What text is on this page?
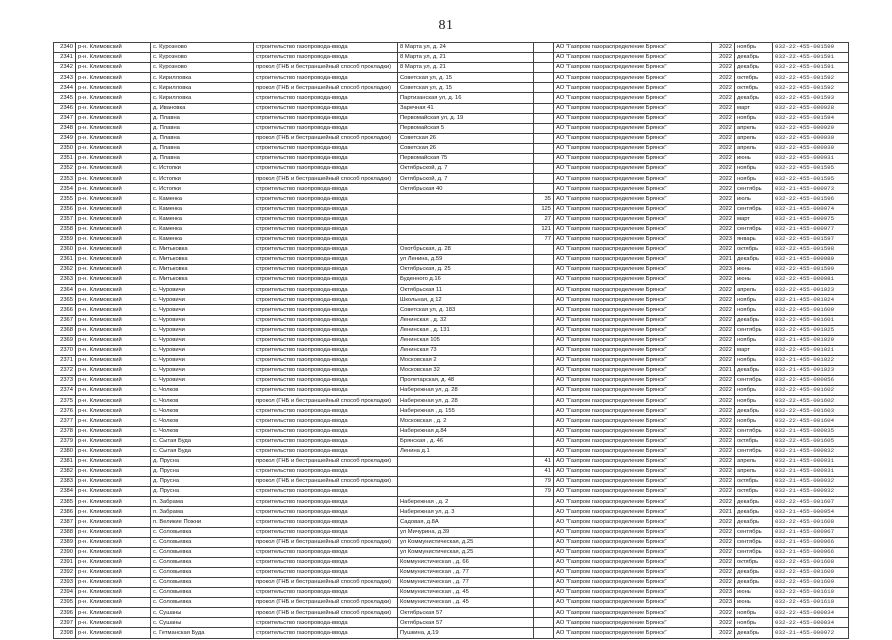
81
2340	р-н. Климовский	с. Курозново	строительство газопровода-ввода	8 Марта ул, д. 24		АО "Газпром газораспределение Брянск"	2022	ноябрь	032-22-455-001590
2341	р-н. Климовский	с. Курозново	строительство газопровода-ввода	8 Марта ул, д. 21		АО "Газпром газораспределение Брянск"	2022	декабрь	032-22-455-001591
2342	р-н. Климовский	с. Курозново	прокол (ГНБ и бестраншейный способ прокладки)	8 Марта ул, д. 21		АО "Газпром газораспределение Брянск"	2022	декабрь	032-22-455-001591
2343	р-н. Климовский	с. Кирилловка	строительство газопровода-ввода	Советская ул, д. 15		АО "Газпром газораспределение Брянск"	2022	октябрь	032-22-455-001592
2344	р-н. Климовский	с. Кирилловка	прокол (ГНБ и бестраншейный способ прокладки)	Советская ул, д. 15		АО "Газпром газораспределение Брянск"	2022	октябрь	032-22-455-001592
2345	р-н. Климовский	с. Кирилловка	строительство газопровода-ввода	Партизанская ул, д. 16		АО "Газпром газораспределение Брянск"	2022	декабрь	032-22-455-001593
2346	р-н. Климовский	д. Ивановка	строительство газопровода-ввода	Заречная 41		АО "Газпром газораспределение Брянск"	2022	март	032-22-455-000928
2347	р-н. Климовский	д. Плавна	строительство газопровода-ввода	Первомайская ул, д. 19		АО "Газпром газораспределение Брянск"	2022	ноябрь	032-22-455-001594
2348	р-н. Климовский	д. Плавна	строительство газопровода-ввода	Первомайская 5		АО "Газпром газораспределение Брянск"	2022	апрель	032-22-455-000929
2349	р-н. Климовский	д. Плавна	прокол (ГНБ и бестраншейный способ прокладки)	Советская 26		АО "Газпром газораспределение Брянск"	2022	апрель	032-22-455-000930
2350	р-н. Климовский	д. Плавна	строительство газопровода-ввода	Советская 26		АО "Газпром газораспределение Брянск"	2022	апрель	032-22-455-000930
2351	р-н. Климовский	д. Плавна	строительство газопровода-ввода	Первомайская 75		АО "Газпром газораспределение Брянск"	2022	июнь	032-22-455-000931
2352	р-н. Климовский	с. Истопки	строительство газопровода-ввода	Октябрьской, д. 7		АО "Газпром газораспределение Брянск"	2022	ноябрь	032-22-455-001595
2353	р-н. Климовский	с. Истопки	прокол (ГНБ и бестраншейный способ прокладки)	Октябрьской, д. 7		АО "Газпром газораспределение Брянск"	2022	ноябрь	032-22-455-001595
2354	р-н. Климовский	с. Истопки	строительство газопровода-ввода	Октябрьская 40		АО "Газпром газораспределение Брянск"	2022	сентябрь	032-21-455-000973
2355	р-н. Климовский	с. Каменка	строительство газопровода-ввода		35	АО "Газпром газораспределение Брянск"	2022	июль	032-22-455-001596
2356	р-н. Климовский	с. Каменка	строительство газопровода-ввода		125	АО "Газпром газораспределение Брянск"	2022	сентябрь	032-21-455-000974
2357	р-н. Климовский	с. Каменка	строительство газопровода-ввода		27	АО "Газпром газораспределение Брянск"	2022	март	032-21-455-000975
2358	р-н. Климовский	с. Каменка	строительство газопровода-ввода		121	АО "Газпром газораспределение Брянск"	2022	сентябрь	032-21-455-000977
2359	р-н. Климовский	с. Каменка	строительство газопровода-ввода		77	АО "Газпром газораспределение Брянск"	2023	январь	032-22-455-001597
2360	р-н. Климовский	с. Митьковка	строительство газопровода-ввода	Охотбрьская, д. 28		АО "Газпром газораспределение Брянск"	2022	октябрь	032-22-455-001598
2361	р-н. Климовский	с. Митьковка	строительство газопровода-ввода	ул Ленина, д.59		АО "Газпром газораспределение Брянск"	2021	декабрь	032-21-455-000980
2362	р-н. Климовский	с. Митьковка	строительство газопровода-ввода	Октябрьская, д. 25		АО "Газпром газораспределение Брянск"	2023	июнь	032-22-455-001599
2363	р-н. Климовский	с. Митьковка	строительство газопровода-ввода	Буденного д.16		АО "Газпром газораспределение Брянск"	2022	июнь	032-22-455-000981
2364	р-н. Климовский	с. Чуровичи	строительство газопровода-ввода	Октябрьская 11		АО "Газпром газораспределение Брянск"	2022	апрель	032-22-455-001023
2365	р-н. Климовский	с. Чуровичи	строительство газопровода-ввода	Школьная, д 12		АО "Газпром газораспределение Брянск"	2022	ноябрь	032-21-455-001024
2366	р-н. Климовский	с. Чуровичи	строительство газопровода-ввода	Советская ул, д. 183		АО "Газпром газораспределение Брянск"	2022	ноябрь	032-22-455-001600
2367	р-н. Климовский	с. Чуровичи	строительство газопровода-ввода	Ленинская , д. 32		АО "Газпром газораспределение Брянск"	2022	декабрь	032-22-455-001601
2368	р-н. Климовский	с. Чуровичи	строительство газопровода-ввода	Ленинская , д. 131		АО "Газпром газораспределение Брянск"	2022	сентябрь	032-22-455-001025
2369	р-н. Климовский	с. Чуровичи	строительство газопровода-ввода	Ленинская 105		АО "Газпром газораспределение Брянск"	2022	ноябрь	032-21-455-001020
2370	р-н. Климовский	с. Чуровичи	строительство газопровода-ввода	Ленинская 73		АО "Газпром газораспределение Брянск"	2022	март	032-22-455-001021
2371	р-н. Климовский	с. Чуровичи	строительство газопровода-ввода	Московская 2		АО "Газпром газораспределение Брянск"	2022	ноябрь	032-21-455-001022
2372	р-н. Климовский	с. Чуровичи	строительство газопровода-ввода	Московская 32		АО "Газпром газораспределение Брянск"	2021	декабрь	032-21-455-001023
2373	р-н. Климовский	с. Чуровичи	строительство газопровода-ввода	Пролетарская, д. 48		АО "Газпром газораспределение Брянск"	2022	сентябрь	032-22-455-000056
2374	р-н. Климовский	с. Чолков	строительство газопровода-ввода	Набережная ул, д. 28		АО "Газпром газораспределение Брянск"	2022	ноябрь	032-22-455-001602
2375	р-н. Климовский	с. Чолков	прокол (ГНБ и бестраншейный способ прокладки)	Набережная ул, д. 28		АО "Газпром газораспределение Брянск"	2022	ноябрь	032-22-455-001602
2376	р-н. Климовский	с. Чолков	строительство газопровода-ввода	Набережная , д. 155		АО "Газпром газораспределение Брянск"	2022	декабрь	032-22-455-001603
2377	р-н. Климовский	с. Чолков	строительство газопровода-ввода	Московская , д. 2		АО "Газпром газораспределение Брянск"	2022	ноябрь	032-22-455-001604
2378	р-н. Климовский	с. Чолков	строительство газопровода-ввода	Набережная д.84		АО "Газпром газораспределение Брянск"	2022	сентябрь	032-21-455-000035
2379	р-н. Климовский	с. Сытая Буда	строительство газопровода-ввода	Брянская , д. 46		АО "Газпром газораспределение Брянск"	2022	октябрь	032-22-455-001605
2380	р-н. Климовский	с. Сытая Буда	строительство газопровода-ввода	Ленина д.1		АО "Газпром газораспределение Брянск"	2022	сентябрь	032-21-455-000032
2381	р-н. Климовский	д. Прусна	прокол (ГНБ и бестраншейный способ прокладки)		41	АО "Газпром газораспределение Брянск"	2022	апрель	032-21-455-000931
2382	р-н. Климовский	д. Прусна	строительство газопровода-ввода		41	АО "Газпром газораспределение Брянск"	2022	апрель	032-21-455-000931
2383	р-н. Климовский	д. Прусна	прокол (ГНБ и бестраншейный способ прокладки)		79	АО "Газпром газораспределение Брянск"	2022	октябрь	032-21-455-000932
2384	р-н. Климовский	д. Прусна	строительство газопровода-ввода		79	АО "Газпром газораспределение Брянск"	2022	октябрь	032-21-455-000932
2385	р-н. Климовский	п. Забрама	строительство газопровода-ввода	Набережная , д. 2		АО "Газпром газораспределение Брянск"	2022	декабрь	032-22-455-001607
2386	р-н. Климовский	п. Забрама	строительство газопровода-ввода	Набережная ул, д. 3		АО "Газпром газораспределение Брянск"	2021	декабрь	032-21-455-000954
2387	р-н. Климовский	п. Великие Пожни	строительство газопровода-ввода	Садовая, д.8А		АО "Газпром газораспределение Брянск"	2022	декабрь	032-22-455-001608
2388	р-н. Климовский	с. Соловьевка	строительство газопровода-ввода	ул Мичурина, д.39		АО "Газпром газораспределение Брянск"	2022	сентябрь	032-21-455-000967
2389	р-н. Климовский	с. Соловьевка	прокол (ГНБ и бестраншейный способ прокладки)	ул Коммунистическая, д.25		АО "Газпром газораспределение Брянск"	2022	сентябрь	032-21-455-000966
2390	р-н. Климовский	с. Соловьевка	строительство газопровода-ввода	ул Коммунистическая, д.25		АО "Газпром газораспределение Брянск"	2022	сентябрь	032-21-455-000966
2391	р-н. Климовский	с. Соловьевка	строительство газопровода-ввода	Коммунистическая , д. 66		АО "Газпром газораспределение Брянск"	2022	октябрь	032-22-455-001608
2392	р-н. Климовский	с. Соловьевка	строительство газопровода-ввода	Коммунистическая , д. 77		АО "Газпром газораспределение Брянск"	2022	декабрь	032-22-455-001609
2393	р-н. Климовский	с. Соловьевка	прокол (ГНБ и бестраншейный способ прокладки)	Коммунистическая , д. 77		АО "Газпром газораспределение Брянск"	2022	декабрь	032-22-455-001609
2394	р-н. Климовский	с. Соловьевка	строительство газопровода-ввода	Коммунистическая , д. 45		АО "Газпром газораспределение Брянск"	2023	июнь	032-22-455-001610
2395	р-н. Климовский	с. Соловьевка	прокол (ГНБ и бестраншейный способ прокладки)	Коммунистическая , д. 45		АО "Газпром газораспределение Брянск"	2023	июнь	032-22-455-001610
2396	р-н. Климовский	с. Сушаны	прокол (ГНБ и бестраншейный способ прокладки)	Октябрьская 57		АО "Газпром газораспределение Брянск"	2022	ноябрь	032-22-455-000034
2397	р-н. Климовский	с. Сушаны	строительство газопровода-ввода	Октябрьская 57		АО "Газпром газораспределение Брянск"	2022	ноябрь	032-22-455-000034
2398	р-н. Климовский	с. Гетманская Буда	строительство газопровода-ввода	Пушкина, д.19		АО "Газпром газораспределение Брянск"	2022	декабрь	032-21-455-000972
